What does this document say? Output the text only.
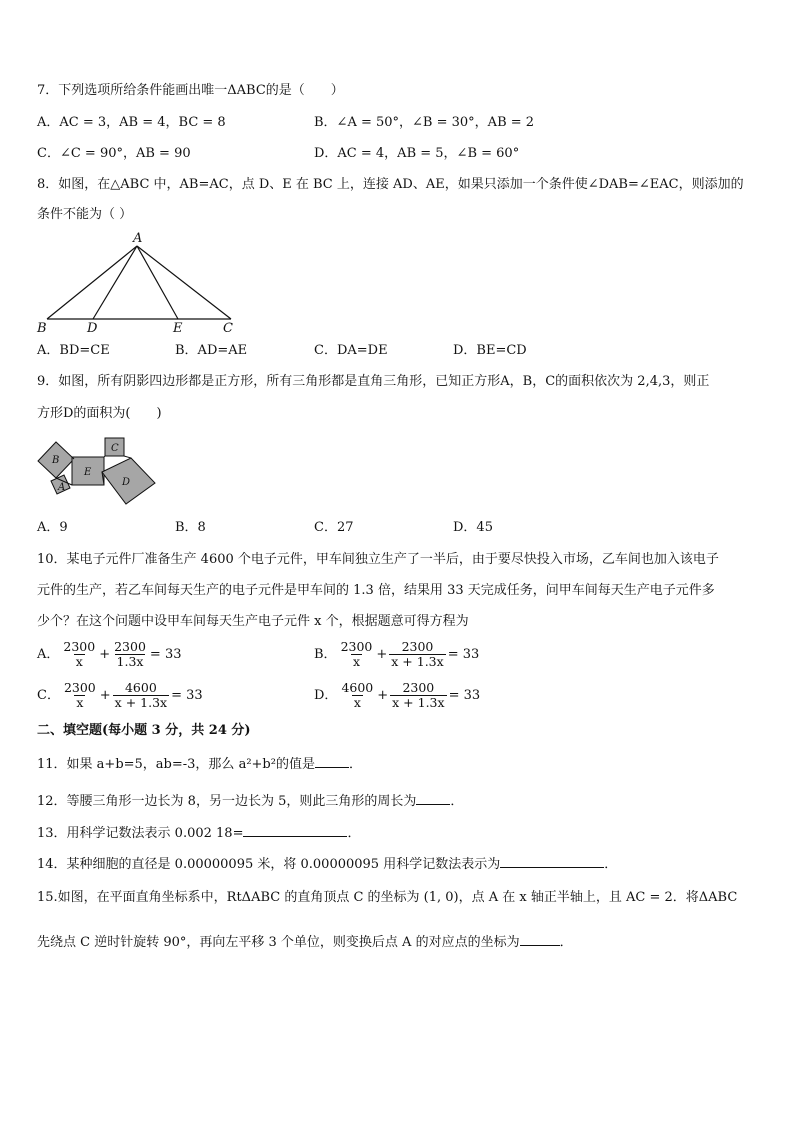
7．下列选项所给条件能画出唯一ΔABC的是（　　）
A．AC = 3，AB = 4，BC = 8	B．∠A = 50°，∠B = 30°，AB = 2
C．∠C = 90°，AB = 90	D．AC = 4，AB = 5，∠B = 60°
8．如图，在△ABC 中，AB=AC，点 D、E 在 BC 上，连接 AD、AE，如果只添加一个条件使∠DAB=∠EAC，则添加的
条件不能为（ ）
A
B	D	E	C
A．BD=CE	B．AD=AE	C．DA=DE	D．BE=CD
9．如图，所有阴影四边形都是正方形，所有三角形都是直角三角形，已知正方形A，B，C的面积依次为 2,4,3，则正
方形D的面积为(　　)
B
C
E
D
A
A．9	B．8	C．27	D．45
10．某电子元件厂准备生产 4600 个电子元件，甲车间独立生产了一半后，由于要尽快投入市场，乙车间也加入该电子
元件的生产，若乙车间每天生产的电子元件是甲车间的 1.3 倍，结果用 33 天完成任务，问甲车间每天生产电子元件多
少个？在这个问题中设甲车间每天生产电子元件 x 个，根据题意可得方程为
A． $\frac{2300}{x} + \frac{2300}{1.3x} = 33$	B． $\frac{2300}{x} + \frac{2300}{x + 1.3x} = 33$
C． $\frac{2300}{x} + \frac{4600}{x + 1.3x} = 33$	D． $\frac{4600}{x} + \frac{2300}{x + 1.3x} = 33$
二、填空题(每小题 3 分，共 24 分)
11．如果 a+b=5，ab=-3，那么 a²+b²的值是	．
12．等腰三角形一边长为 8，另一边长为 5，则此三角形的周长为	．
13．用科学记数法表示 0.002 18=	．
14．某种细胞的直径是 0.00000095 米，将 0.00000095 用科学记数法表示为	．
15.如图，在平面直角坐标系中，RtΔABC 的直角顶点 C 的坐标为 (1, 0)，点 A 在 x 轴正半轴上，且 AC = 2．将ΔABC
先绕点 C 逆时针旋转 90°，再向左平移 3 个单位，则变换后点 A 的对应点的坐标为	．
